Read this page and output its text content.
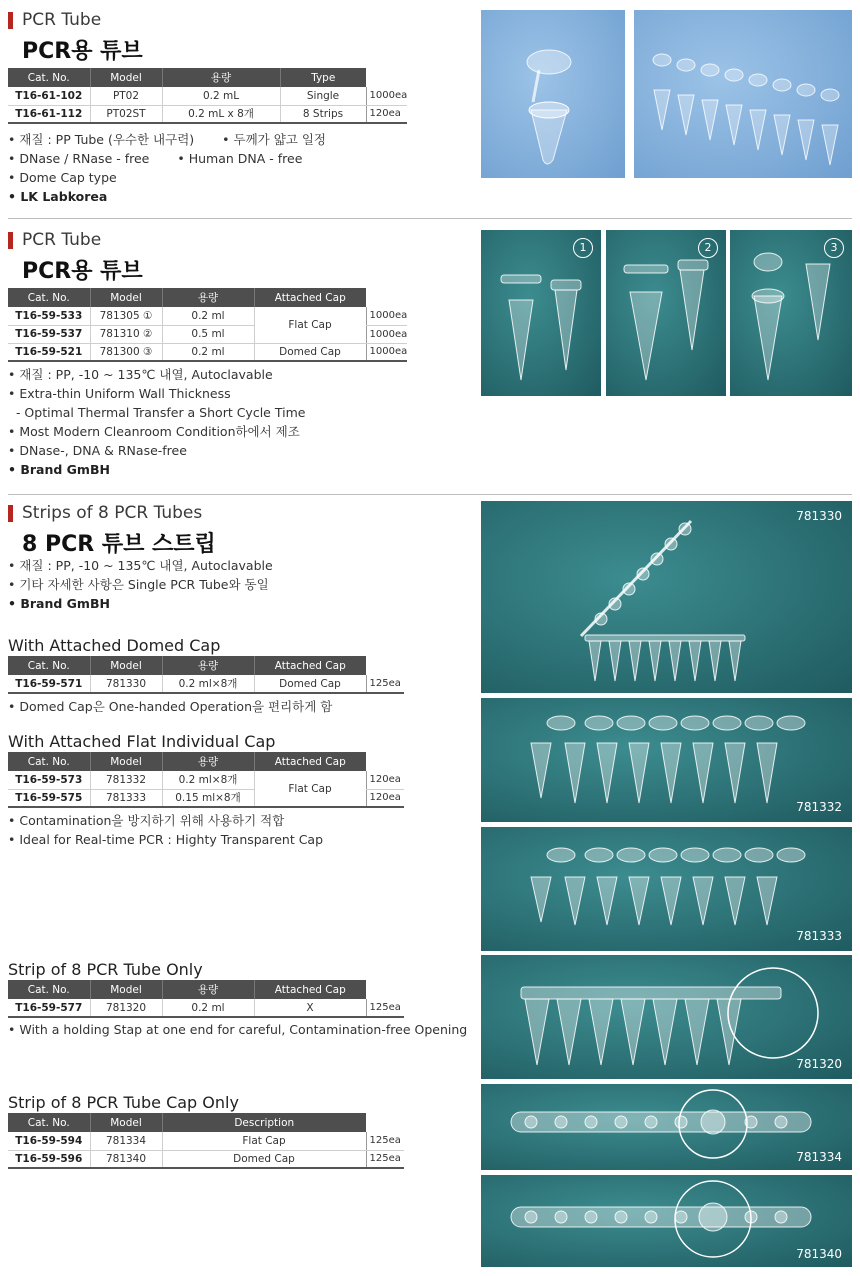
PCR Tube
PCR용 튜브
Cat. No.	Model	용량	Type	
T16-61-102	PT02	0.2 mL	Single	1000ea
T16-61-112	PT02ST	0.2 mL x 8개	8 Strips	120ea
• 재질 : PP Tube (우수한 내구력) • 두께가 얇고 일정
• DNase / RNase - free • Human DNA - free
• Dome Cap type
• LK Labkorea
PCR Tube
PCR용 튜브
Cat. No.	Model	용량	Attached Cap	
T16-59-533	781305 ①	0.2 ml	Flat Cap	1000ea
T16-59-537	781310 ②	0.5 ml		1000ea
T16-59-521	781300 ③	0.2 ml	Domed Cap	1000ea
• 재질 : PP, -10 ~ 135℃ 내열, Autoclavable
• Extra-thin Uniform Wall Thickness
- Optimal Thermal Transfer a Short Cycle Time
• Most Modern Cleanroom Condition하에서 제조
• DNase-, DNA & RNase-free
• Brand GmBH
1	2	3
Strips of 8 PCR Tubes
8 PCR 튜브 스트립
• 재질 : PP, -10 ~ 135℃ 내열, Autoclavable
• 기타 자세한 사항은 Single PCR Tube와 동일
• Brand GmBH
With Attached Domed Cap
Cat. No.	Model	용량	Attached Cap	
T16-59-571	781330	0.2 ml×8개	Domed Cap	125ea
• Domed Cap은 One-handed Operation을 편리하게 함
With Attached Flat Individual Cap
Cat. No.	Model	용량	Attached Cap	
T16-59-573	781332	0.2 ml×8개	Flat Cap	120ea
T16-59-575	781333	0.15 ml×8개		120ea
• Contamination을 방지하기 위해 사용하기 적합
• Ideal for Real-time PCR : Highty Transparent Cap
Strip of 8 PCR Tube Only
Cat. No.	Model	용량	Attached Cap	
T16-59-577	781320	0.2 ml	X	125ea
• With a holding Stap at one end for careful, Contamination-free Opening
Strip of 8 PCR Tube Cap Only
Cat. No.	Model	Description	
T16-59-594	781334	Flat Cap	125ea
T16-59-596	781340	Domed Cap	125ea
781330
781332
781333
781320
781334
781340
